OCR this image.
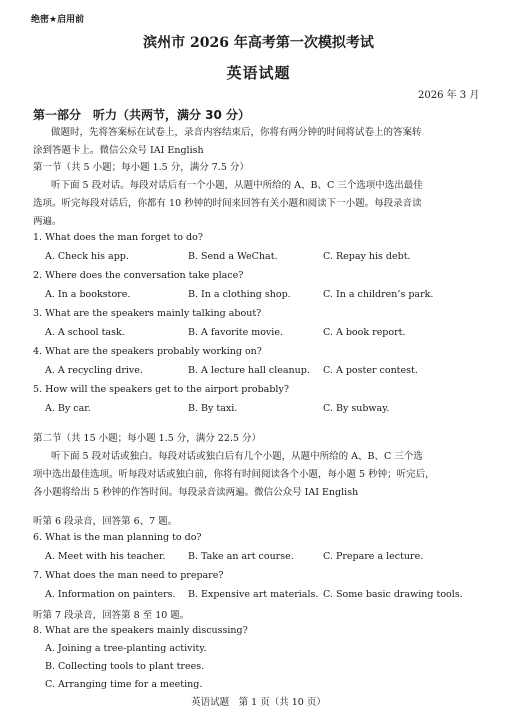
绝密★启用前
滨州市 2026 年高考第一次模拟考试
英语试题
2026 年 3 月
第一部分　听力（共两节，满分 30 分）
做题时，先将答案标在试卷上，录音内容结束后，你将有两分钟的时间将试卷上的答案转
涂到答题卡上。微信公众号 IAI English
第一节（共 5 小题；每小题 1.5 分，满分 7.5 分）
听下面 5 段对话。每段对话后有一个小题，从题中所给的 A、B、C 三个选项中选出最佳
选项。听完每段对话后，你都有 10 秒钟的时间来回答有关小题和阅读下一小题。每段录音读
两遍。
1. What does the man forget to do?
A. Check his app.	B. Send a WeChat.	C. Repay his debt.
2. Where does the conversation take place?
A. In a bookstore.	B. In a clothing shop.	C. In a children’s park.
3. What are the speakers mainly talking about?
A. A school task.	B. A favorite movie.	C. A book report.
4. What are the speakers probably working on?
A. A recycling drive.	B. A lecture hall cleanup. C. A poster contest.
5. How will the speakers get to the airport probably?
A. By car.	B. By taxi.	C. By subway.
第二节（共 15 小题；每小题 1.5 分，满分 22.5 分）
听下面 5 段对话或独白。每段对话或独白后有几个小题，从题中所给的 A、B、C 三个选
项中选出最佳选项。听每段对话或独白前，你将有时间阅读各个小题，每小题 5 秒钟；听完后，
各小题将给出 5 秒钟的作答时间。每段录音读两遍。微信公众号 IAI English
听第 6 段录音，回答第 6、7 题。
6. What is the man planning to do?
A. Meet with his teacher. B. Take an art course.	C. Prepare a lecture.
7. What does the man need to prepare?
A. Information on painters. B. Expensive art materials. C. Some basic drawing tools.
听第 7 段录音，回答第 8 至 10 题。
8. What are the speakers mainly discussing?
A. Joining a tree-planting activity.
B. Collecting tools to plant trees.
C. Arranging time for a meeting.
英语试题　第 1 页（共 10 页）
